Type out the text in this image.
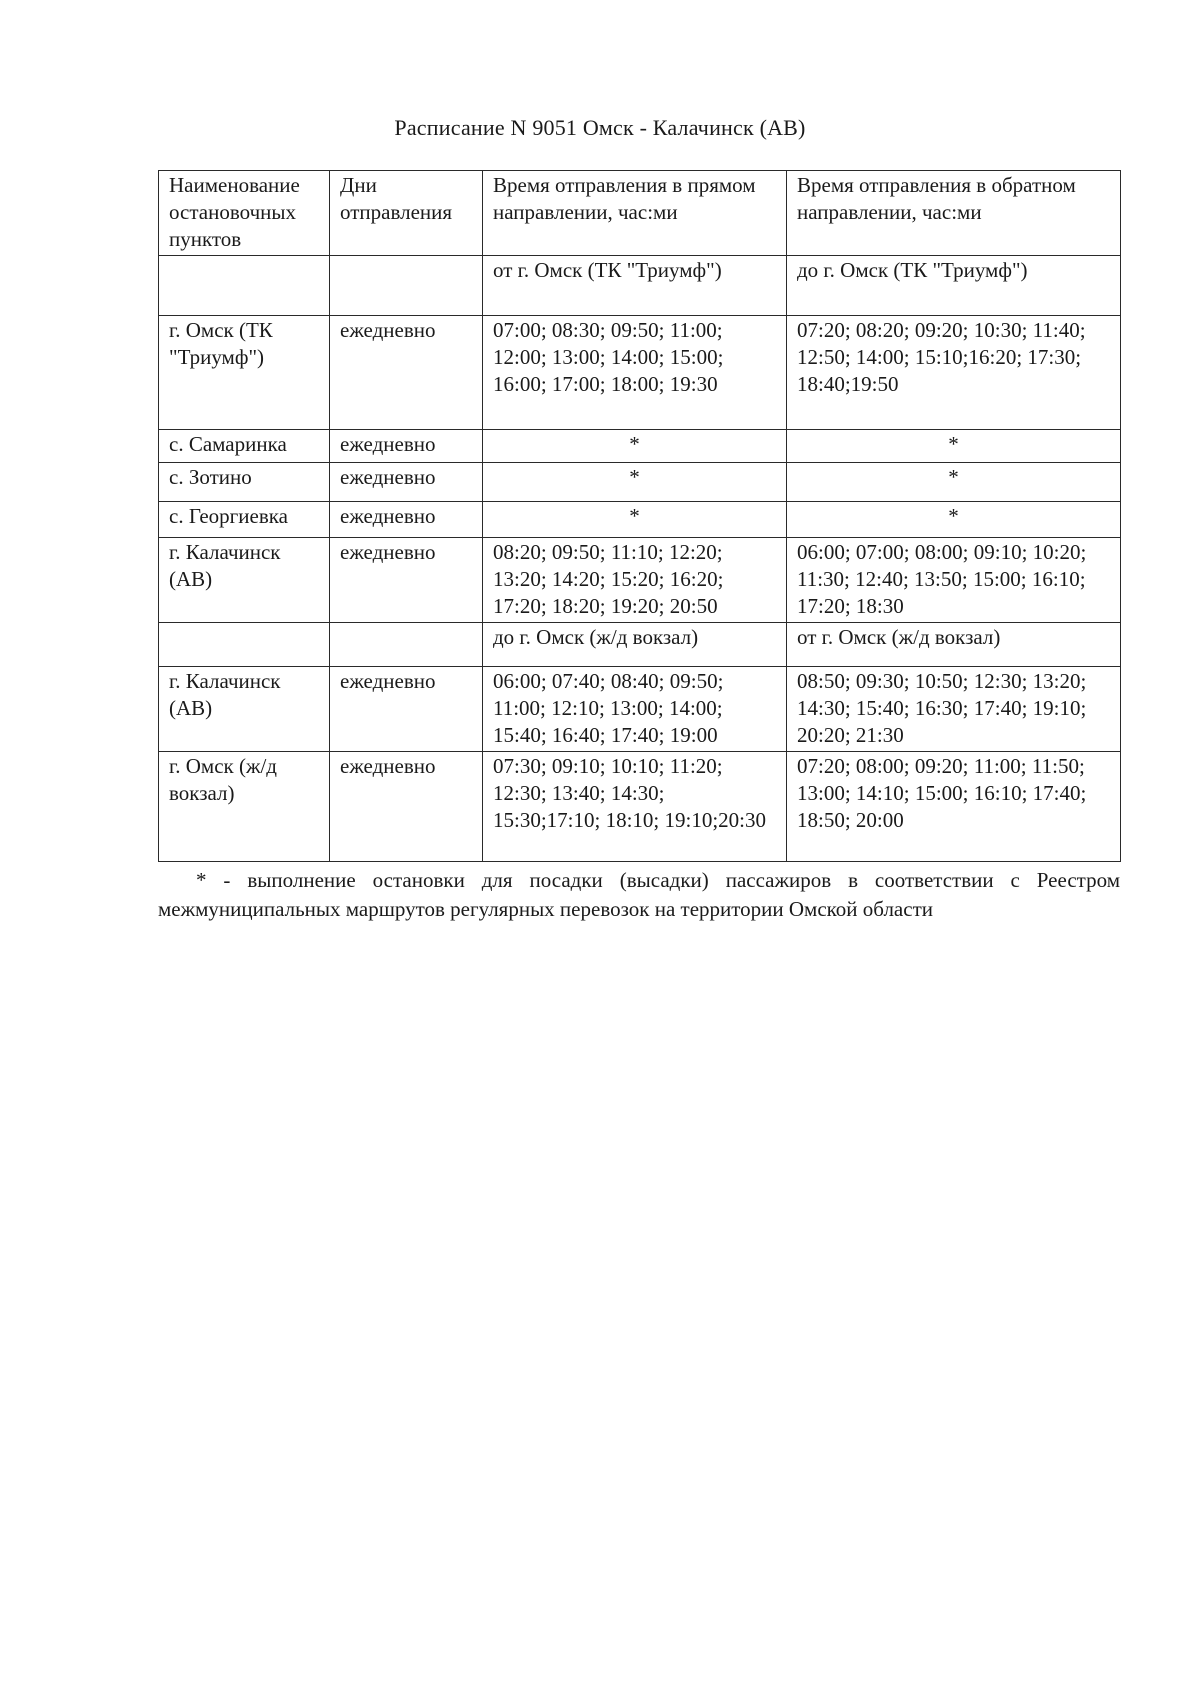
Расписание N 9051 Омск - Калачинск (АВ)
Наименование остановочных пунктов	Дни отправления	Время отправления в прямом направлении, час:ми	Время отправления в обратном направлении, час:ми
		от г. Омск (ТК "Триумф")	до г. Омск (ТК "Триумф")
г. Омск (ТК "Триумф")	ежедневно	07:00; 08:30; 09:50; 11:00; 12:00; 13:00; 14:00; 15:00; 16:00; 17:00; 18:00; 19:30	07:20; 08:20; 09:20; 10:30; 11:40; 12:50; 14:00; 15:10;16:20; 17:30; 18:40;19:50
с. Самаринка	ежедневно	*	*
с. Зотино	ежедневно	*	*
с. Георгиевка	ежедневно	*	*
г. Калачинск (АВ)	ежедневно	08:20; 09:50; 11:10; 12:20; 13:20; 14:20; 15:20; 16:20; 17:20; 18:20; 19:20; 20:50	06:00; 07:00; 08:00; 09:10; 10:20; 11:30; 12:40; 13:50; 15:00; 16:10; 17:20; 18:30
		до г. Омск (ж/д вокзал)	от г. Омск (ж/д вокзал)
г. Калачинск (АВ)	ежедневно	06:00; 07:40; 08:40; 09:50; 11:00; 12:10; 13:00; 14:00; 15:40; 16:40; 17:40; 19:00	08:50; 09:30; 10:50; 12:30; 13:20; 14:30; 15:40; 16:30; 17:40; 19:10; 20:20; 21:30
г. Омск (ж/д вокзал)	ежедневно	07:30; 09:10; 10:10; 11:20; 12:30; 13:40; 14:30; 15:30;17:10; 18:10; 19:10;20:30	07:20; 08:00; 09:20; 11:00; 11:50; 13:00; 14:10; 15:00; 16:10; 17:40; 18:50; 20:00
* - выполнение остановки для посадки (высадки) пассажиров в соответствии с Реестром межмуниципальных маршрутов регулярных перевозок на территории Омской области
